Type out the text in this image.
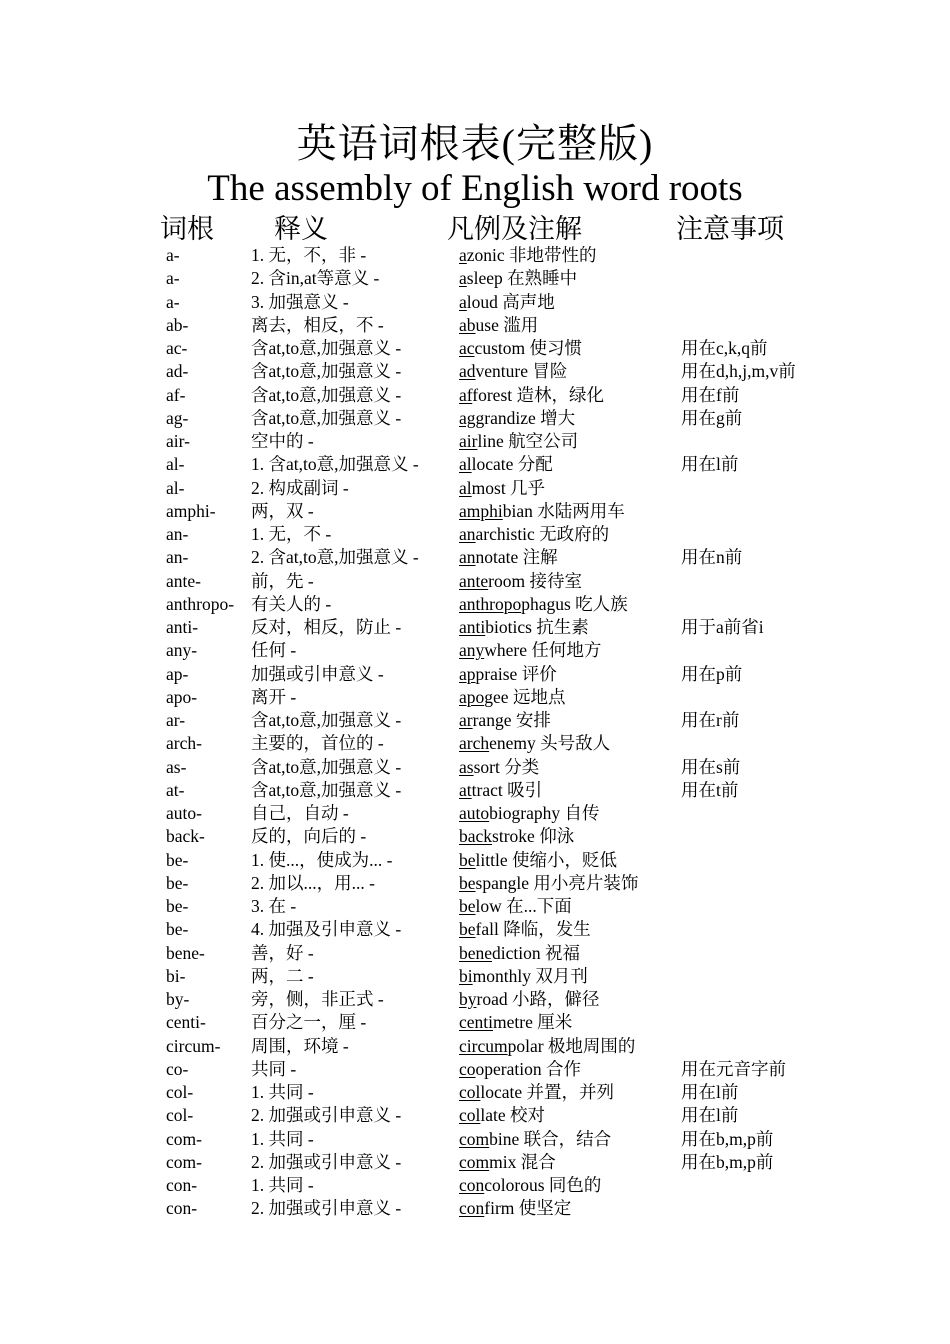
英语词根表(完整版)
The assembly of English word roots
词根 释义	凡例及注解	注意事项
a-	1. 无，不，非 -	azonic 非地带性的
a-	2. 含in,at等意义 -	asleep 在熟睡中
a-	3. 加强意义 -	aloud 高声地
ab-	离去，相反，不 -	abuse 滥用
ac-	含at,to意,加强意义 -	accustom 使习惯	用在c,k,q前
ad-	含at,to意,加强意义 -	adventure 冒险	用在d,h,j,m,v前
af-	含at,to意,加强意义 -	afforest 造林，绿化	用在f前
ag-	含at,to意,加强意义 -	aggrandize 增大	用在g前
air-	空中的 -	airline 航空公司
al-	1. 含at,to意,加强意义 - allocate 分配	用在l前
al-	2. 构成副词 -	almost 几乎
amphi- 两，双 -	amphibian 水陆两用车
an-	1. 无，不 -	anarchistic 无政府的
an-	2. 含at,to意,加强意义 - annotate 注解	用在n前
ante-	前，先 -	anteroom 接待室
anthropo- 有关人的 -	anthropophagus 吃人族
anti-	反对，相反，防止 -	antibiotics 抗生素	用于a前省i
any-	任何 -	anywhere 任何地方
ap-	加强或引申意义 -	appraise 评价	用在p前
apo-	离开 -	apogee 远地点
ar-	含at,to意,加强意义 -	arrange 安排	用在r前
arch-	主要的，首位的 -	archenemy 头号敌人
as-	含at,to意,加强意义 -	assort 分类	用在s前
at-	含at,to意,加强意义 -	attract 吸引	用在t前
auto-	自己，自动 -	autobiography 自传
back-	反的，向后的 -	backstroke 仰泳
be-	1. 使...，使成为... -	belittle 使缩小，贬低
be-	2. 加以...，用... -	bespangle 用小亮片装饰
be-	3. 在 -	below 在...下面
be-	4. 加强及引申意义 -	befall 降临，发生
bene-	善，好 -	benediction 祝福
bi-	两，二 -	bimonthly 双月刊
by-	旁，侧，非正式 -	byroad 小路，僻径
centi-	百分之一，厘 -	centimetre 厘米
circum- 周围，环境 -	circumpolar 极地周围的
co-	共同 -	cooperation 合作	用在元音字前
col-	1. 共同 -	collocate 并置，并列	用在l前
col-	2. 加强或引申意义 -	collate 校对	用在l前
com-	1. 共同 -	combine 联合，结合	用在b,m,p前
com-	2. 加强或引申意义 -	commix 混合	用在b,m,p前
con-	1. 共同 -	concolorous 同色的
con-	2. 加强或引申意义 -	confirm 使坚定
